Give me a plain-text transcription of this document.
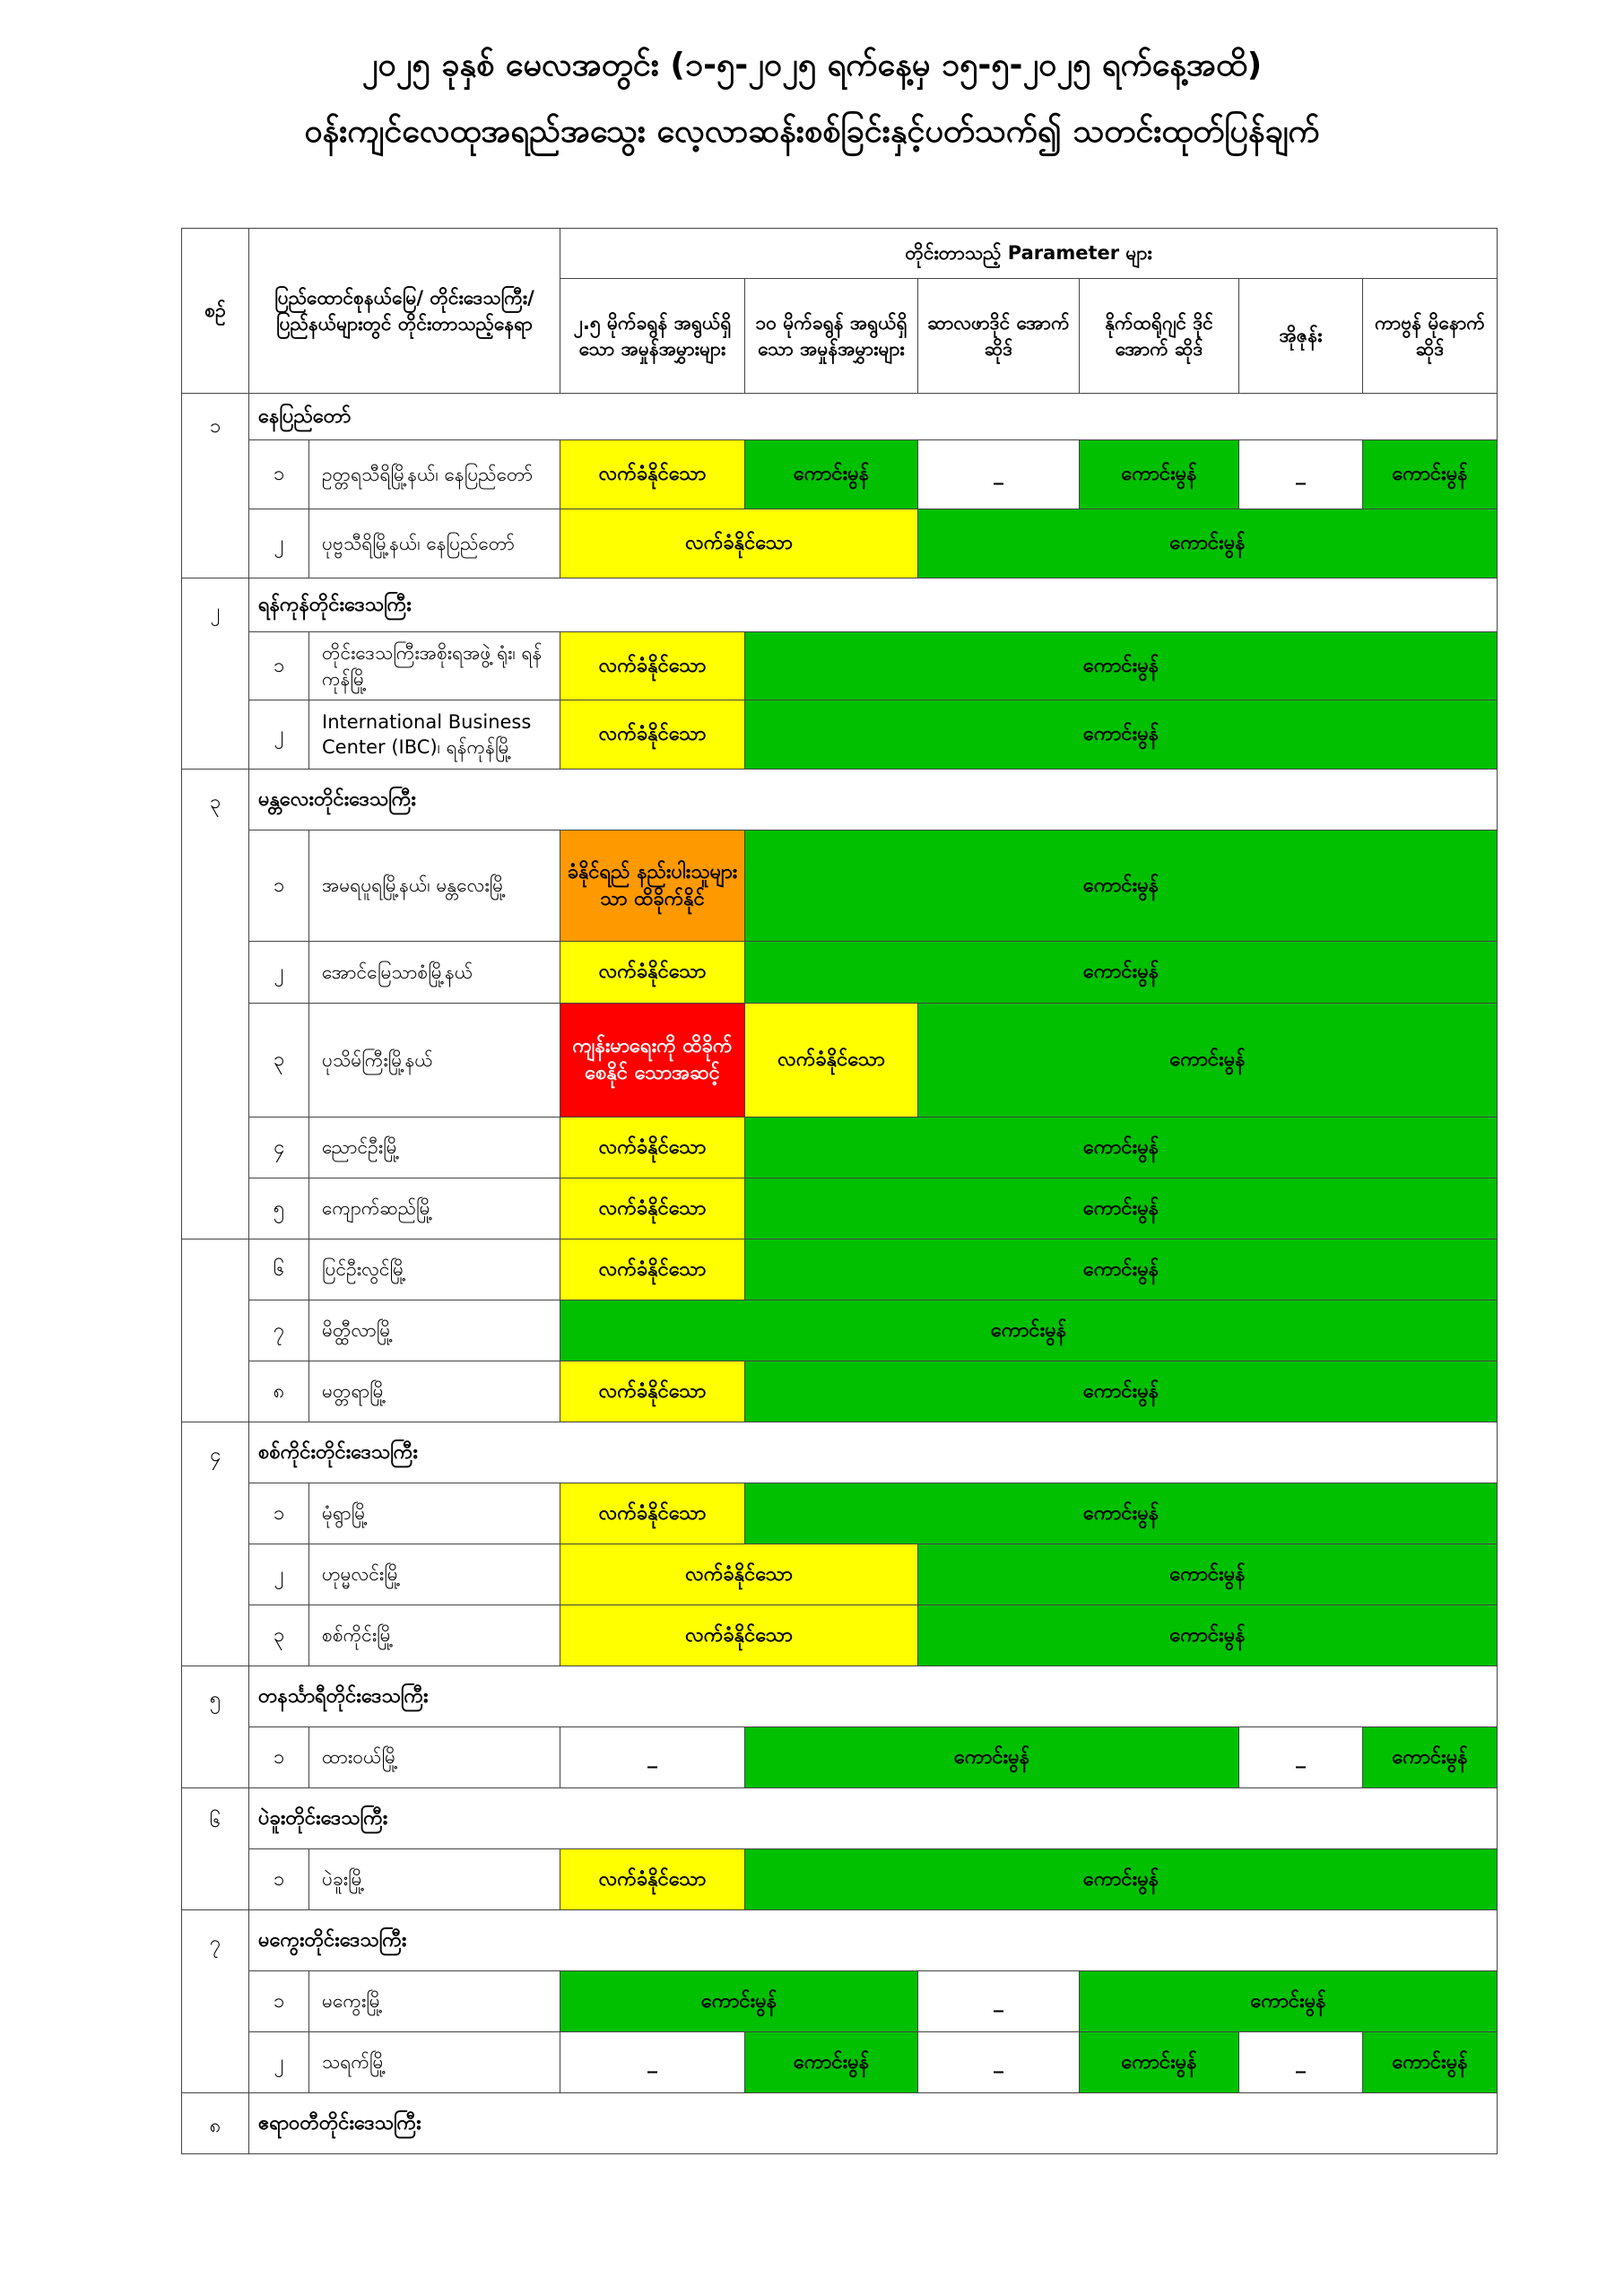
၂၀၂၅ ခုနှစ် မေလအတွင်း (၁-၅-၂၀၂၅ ရက်နေ့မှ ၁၅-၅-၂၀၂၅ ရက်နေ့အထိ)
ဝန်းကျင်လေထုအရည်အသွေး လေ့လာဆန်းစစ်ခြင်းနှင့်ပတ်သက်၍ သတင်းထုတ်ပြန်ချက်
စဉ်	ပြည်ထောင်စုနယ်မြေ/ တိုင်းဒေသကြီး/ ပြည်နယ်များတွင် တိုင်းတာသည့်နေရာ		တိုင်းတာသည့် Parameter များ					
			၂.၅ မိုက်ခရွန် အရွယ်ရှိသော အမှုန်အမွှားများ	၁၀ မိုက်ခရွန် အရွယ်ရှိသော အမှုန်အမွှားများ	ဆာလဖာဒိုင် အောက်ဆိုဒ်	နိုက်ထရိုဂျင် ဒိုင်အောက် ဆိုဒ်	အိုဇုန်း	ကာဗွန် မိုနောက် ဆိုဒ်
၁	နေပြည်တော်							
	၁	ဥတ္တရသီရိမြို့နယ်၊ နေပြည်တော်	လက်ခံနိုင်သော	ကောင်းမွန်	_	ကောင်းမွန်	_	ကောင်းမွန်
	၂	ပုဗ္ဗသီရိမြို့နယ်၊ နေပြည်တော်	လက်ခံနိုင်သော		ကောင်းမွန်			
၂	ရန်ကုန်တိုင်းဒေသကြီး							
	၁	တိုင်းဒေသကြီးအစိုးရအဖွဲ့ ရုံး၊ ရန်ကုန်မြို့	လက်ခံနိုင်သော	ကောင်းမွန်				
	၂	International Business Center (IBC)၊ ရန်ကုန်မြို့	လက်ခံနိုင်သော	ကောင်းမွန်				
၃	မန္တလေးတိုင်းဒေသကြီး							
	၁	အမရပူရမြို့နယ်၊ မန္တလေးမြို့	ခံနိုင်ရည် နည်းပါးသူများသာ ထိခိုက်နိုင်	ကောင်းမွန်				
	၂	အောင်မြေသာစံမြို့နယ်	လက်ခံနိုင်သော	ကောင်းမွန်				
	၃	ပုသိမ်ကြီးမြို့နယ်	ကျန်းမာရေးကို ထိခိုက်စေနိုင် သောအဆင့်	လက်ခံနိုင်သော	ကောင်းမွန်			
	၄	ညောင်ဦးမြို့	လက်ခံနိုင်သော	ကောင်းမွန်				
	၅	ကျောက်ဆည်မြို့	လက်ခံနိုင်သော	ကောင်းမွန်				
	၆	ပြင်ဦးလွင်မြို့	လက်ခံနိုင်သော	ကောင်းမွန်				
	၇	မိတ္ထီလာမြို့	ကောင်းမွန်					
	၈	မတ္တရာမြို့	လက်ခံနိုင်သော	ကောင်းမွန်				
၄	စစ်ကိုင်းတိုင်းဒေသကြီး							
	၁	မုံရွာမြို့	လက်ခံနိုင်သော	ကောင်းမွန်				
	၂	ဟုမ္မလင်းမြို့	လက်ခံနိုင်သော		ကောင်းမွန်			
	၃	စစ်ကိုင်းမြို့	လက်ခံနိုင်သော		ကောင်းမွန်			
၅	တနင်္သာရီတိုင်းဒေသကြီး							
	၁	ထားဝယ်မြို့	_	ကောင်းမွန်			_	ကောင်းမွန်
၆	ပဲခူးတိုင်းဒေသကြီး							
	၁	ပဲခူးမြို့	လက်ခံနိုင်သော	ကောင်းမွန်				
၇	မကွေးတိုင်းဒေသကြီး							
	၁	မကွေးမြို့	ကောင်းမွန်		_	ကောင်းမွန်		
	၂	သရက်မြို့	_	ကောင်းမွန်	_	ကောင်းမွန်	_	ကောင်းမွန်
၈	ဧရာဝတီတိုင်းဒေသကြီး							
